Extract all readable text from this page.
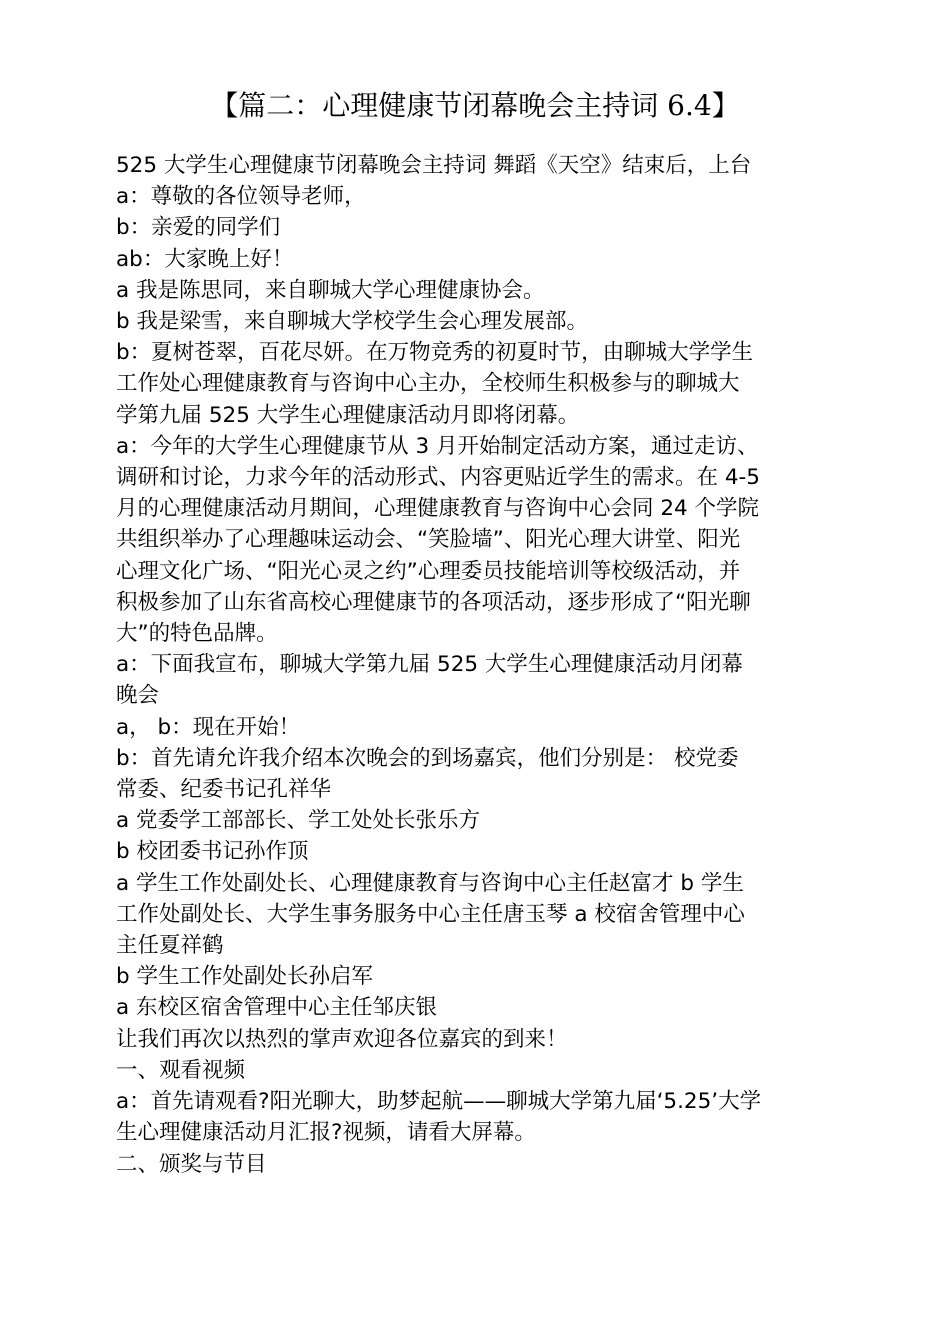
【篇二：心理健康节闭幕晚会主持词 6.4】
525 大学生心理健康节闭幕晚会主持词 舞蹈《天空》结束后，上台
a：尊敬的各位领导老师，
b：亲爱的同学们
ab：大家晚上好！
a 我是陈思同，来自聊城大学心理健康协会。
b 我是梁雪，来自聊城大学校学生会心理发展部。
b：夏树苍翠，百花尽妍。在万物竞秀的初夏时节，由聊城大学学生
工作处心理健康教育与咨询中心主办，全校师生积极参与的聊城大
学第九届 525 大学生心理健康活动月即将闭幕。
a：今年的大学生心理健康节从 3 月开始制定活动方案，通过走访、
调研和讨论，力求今年的活动形式、内容更贴近学生的需求。在 4-5
月的心理健康活动月期间，心理健康教育与咨询中心会同 24 个学院
共组织举办了心理趣味运动会、“笑脸墙”、阳光心理大讲堂、阳光
心理文化广场、“阳光心灵之约”心理委员技能培训等校级活动，并
积极参加了山东省高校心理健康节的各项活动，逐步形成了“阳光聊
大”的特色品牌。
a：下面我宣布，聊城大学第九届 525 大学生心理健康活动月闭幕
晚会
a， b：现在开始！
b：首先请允许我介绍本次晚会的到场嘉宾，他们分别是： 校党委
常委、纪委书记孔祥华
a 党委学工部部长、学工处处长张乐方
b 校团委书记孙作顶
a 学生工作处副处长、心理健康教育与咨询中心主任赵富才 b 学生
工作处副处长、大学生事务服务中心主任唐玉琴 a 校宿舍管理中心
主任夏祥鹤
b 学生工作处副处长孙启军
a 东校区宿舍管理中心主任邹庆银
让我们再次以热烈的掌声欢迎各位嘉宾的到来！
一、观看视频
a：首先请观看?阳光聊大，助梦起航——聊城大学第九届‘5.25’大学
生心理健康活动月汇报?视频，请看大屏幕。
二、颁奖与节目
